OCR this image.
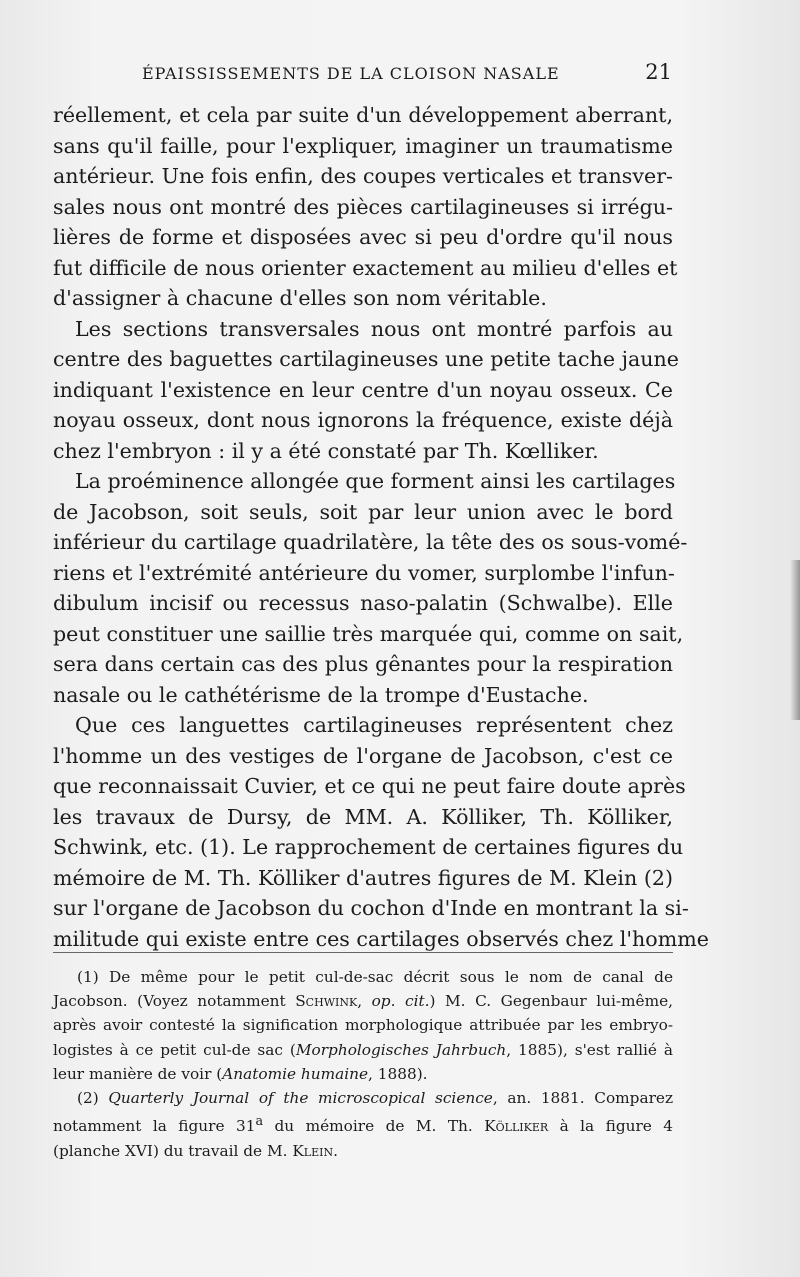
ÉPAISSISSEMENTS DE LA CLOISON NASALE	21
réellement, et cela par suite d'un développement aberrant,
sans qu'il faille, pour l'expliquer, imaginer un traumatisme
antérieur. Une fois enfin, des coupes verticales et transver-
sales nous ont montré des pièces cartilagineuses si irrégu-
lières de forme et disposées avec si peu d'ordre qu'il nous
fut difficile de nous orienter exactement au milieu d'elles et
d'assigner à chacune d'elles son nom véritable.
Les sections transversales nous ont montré parfois au
centre des baguettes cartilagineuses une petite tache jaune
indiquant l'existence en leur centre d'un noyau osseux. Ce
noyau osseux, dont nous ignorons la fréquence, existe déjà
chez l'embryon : il y a été constaté par Th. Kœlliker.
La proéminence allongée que forment ainsi les cartilages
de Jacobson, soit seuls, soit par leur union avec le bord
inférieur du cartilage quadrilatère, la tête des os sous-vomé-
riens et l'extrémité antérieure du vomer, surplombe l'infun-
dibulum incisif ou recessus naso-palatin (Schwalbe). Elle
peut constituer une saillie très marquée qui, comme on sait,
sera dans certain cas des plus gênantes pour la respiration
nasale ou le cathétérisme de la trompe d'Eustache.
Que ces languettes cartilagineuses représentent chez
l'homme un des vestiges de l'organe de Jacobson, c'est ce
que reconnaissait Cuvier, et ce qui ne peut faire doute après
les travaux de Dursy, de MM. A. Kölliker, Th. Kölliker,
Schwink, etc. (1). Le rapprochement de certaines figures du
mémoire de M. Th. Kölliker d'autres figures de M. Klein (2)
sur l'organe de Jacobson du cochon d'Inde en montrant la si-
militude qui existe entre ces cartilages observés chez l'homme
(1) De même pour le petit cul-de-sac décrit sous le nom de canal de
Jacobson. (Voyez notamment Schwink, op. cit.) M. C. Gegenbaur lui-même,
après avoir contesté la signification morphologique attribuée par les embryo-
logistes à ce petit cul-de sac (Morphologisches Jahrbuch, 1885), s'est rallié à
leur manière de voir (Anatomie humaine, 1888).
(2) Quarterly Journal of the microscopical science, an. 1881. Comparez
notamment la figure 31$^a$ du mémoire de M. Th. Kölliker à la figure 4
(planche XVI) du travail de M. Klein.
